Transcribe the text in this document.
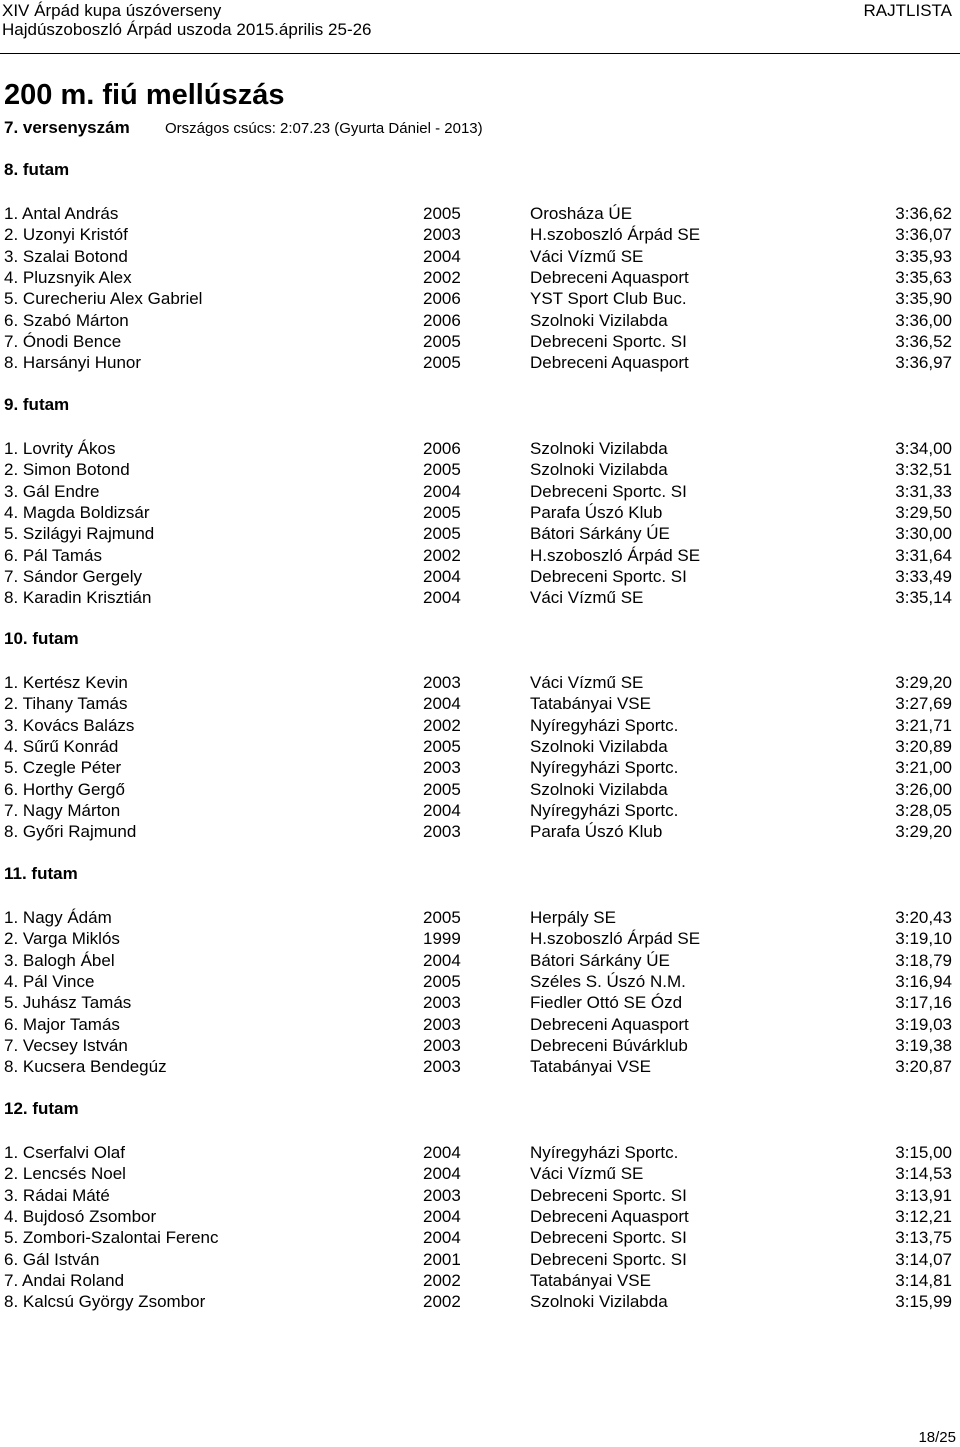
XIV Árpád kupa úszóverseny	RAJTLISTA
Hajdúszoboszló Árpád uszoda 2015.április 25-26
200 m. fiú mellúszás
7. versenyszám Országos csúcs: 2:07.23 (Gyurta Dániel - 2013)
8. futam
1. Antal András	2005	Orosháza ÚE	3:36,62
2. Uzonyi Kristóf	2003	H.szoboszló Árpád SE	3:36,07
3. Szalai Botond	2004	Váci Vízmű SE	3:35,93
4. Pluzsnyik Alex	2002	Debreceni Aquasport	3:35,63
5. Curecheriu Alex Gabriel	2006	YST Sport Club Buc.	3:35,90
6. Szabó Márton	2006	Szolnoki Vizilabda	3:36,00
7. Ónodi Bence	2005	Debreceni Sportc. SI	3:36,52
8. Harsányi Hunor	2005	Debreceni Aquasport	3:36,97
9. futam
1. Lovrity Ákos	2006	Szolnoki Vizilabda	3:34,00
2. Simon Botond	2005	Szolnoki Vizilabda	3:32,51
3. Gál Endre	2004	Debreceni Sportc. SI	3:31,33
4. Magda Boldizsár	2005	Parafa Úszó Klub	3:29,50
5. Szilágyi Rajmund	2005	Bátori Sárkány ÚE	3:30,00
6. Pál Tamás	2002	H.szoboszló Árpád SE	3:31,64
7. Sándor Gergely	2004	Debreceni Sportc. SI	3:33,49
8. Karadin Krisztián	2004	Váci Vízmű SE	3:35,14
10. futam
1. Kertész Kevin	2003	Váci Vízmű SE	3:29,20
2. Tihany Tamás	2004	Tatabányai VSE	3:27,69
3. Kovács Balázs	2002	Nyíregyházi Sportc.	3:21,71
4. Sűrű Konrád	2005	Szolnoki Vizilabda	3:20,89
5. Czegle Péter	2003	Nyíregyházi Sportc.	3:21,00
6. Horthy Gergő	2005	Szolnoki Vizilabda	3:26,00
7. Nagy Márton	2004	Nyíregyházi Sportc.	3:28,05
8. Győri Rajmund	2003	Parafa Úszó Klub	3:29,20
11. futam
1. Nagy Ádám	2005	Herpály SE	3:20,43
2. Varga Miklós	1999	H.szoboszló Árpád SE	3:19,10
3. Balogh Ábel	2004	Bátori Sárkány ÚE	3:18,79
4. Pál Vince	2005	Széles S. Úszó N.M.	3:16,94
5. Juhász Tamás	2003	Fiedler Ottó SE Ózd	3:17,16
6. Major Tamás	2003	Debreceni Aquasport	3:19,03
7. Vecsey István	2003	Debreceni Búvárklub	3:19,38
8. Kucsera Bendegúz	2003	Tatabányai VSE	3:20,87
12. futam
1. Cserfalvi Olaf	2004	Nyíregyházi Sportc.	3:15,00
2. Lencsés Noel	2004	Váci Vízmű SE	3:14,53
3. Rádai Máté	2003	Debreceni Sportc. SI	3:13,91
4. Bujdosó Zsombor	2004	Debreceni Aquasport	3:12,21
5. Zombori-Szalontai Ferenc	2004	Debreceni Sportc. SI	3:13,75
6. Gál István	2001	Debreceni Sportc. SI	3:14,07
7. Andai Roland	2002	Tatabányai VSE	3:14,81
8. Kalcsú György Zsombor	2002	Szolnoki Vizilabda	3:15,99
18/25
